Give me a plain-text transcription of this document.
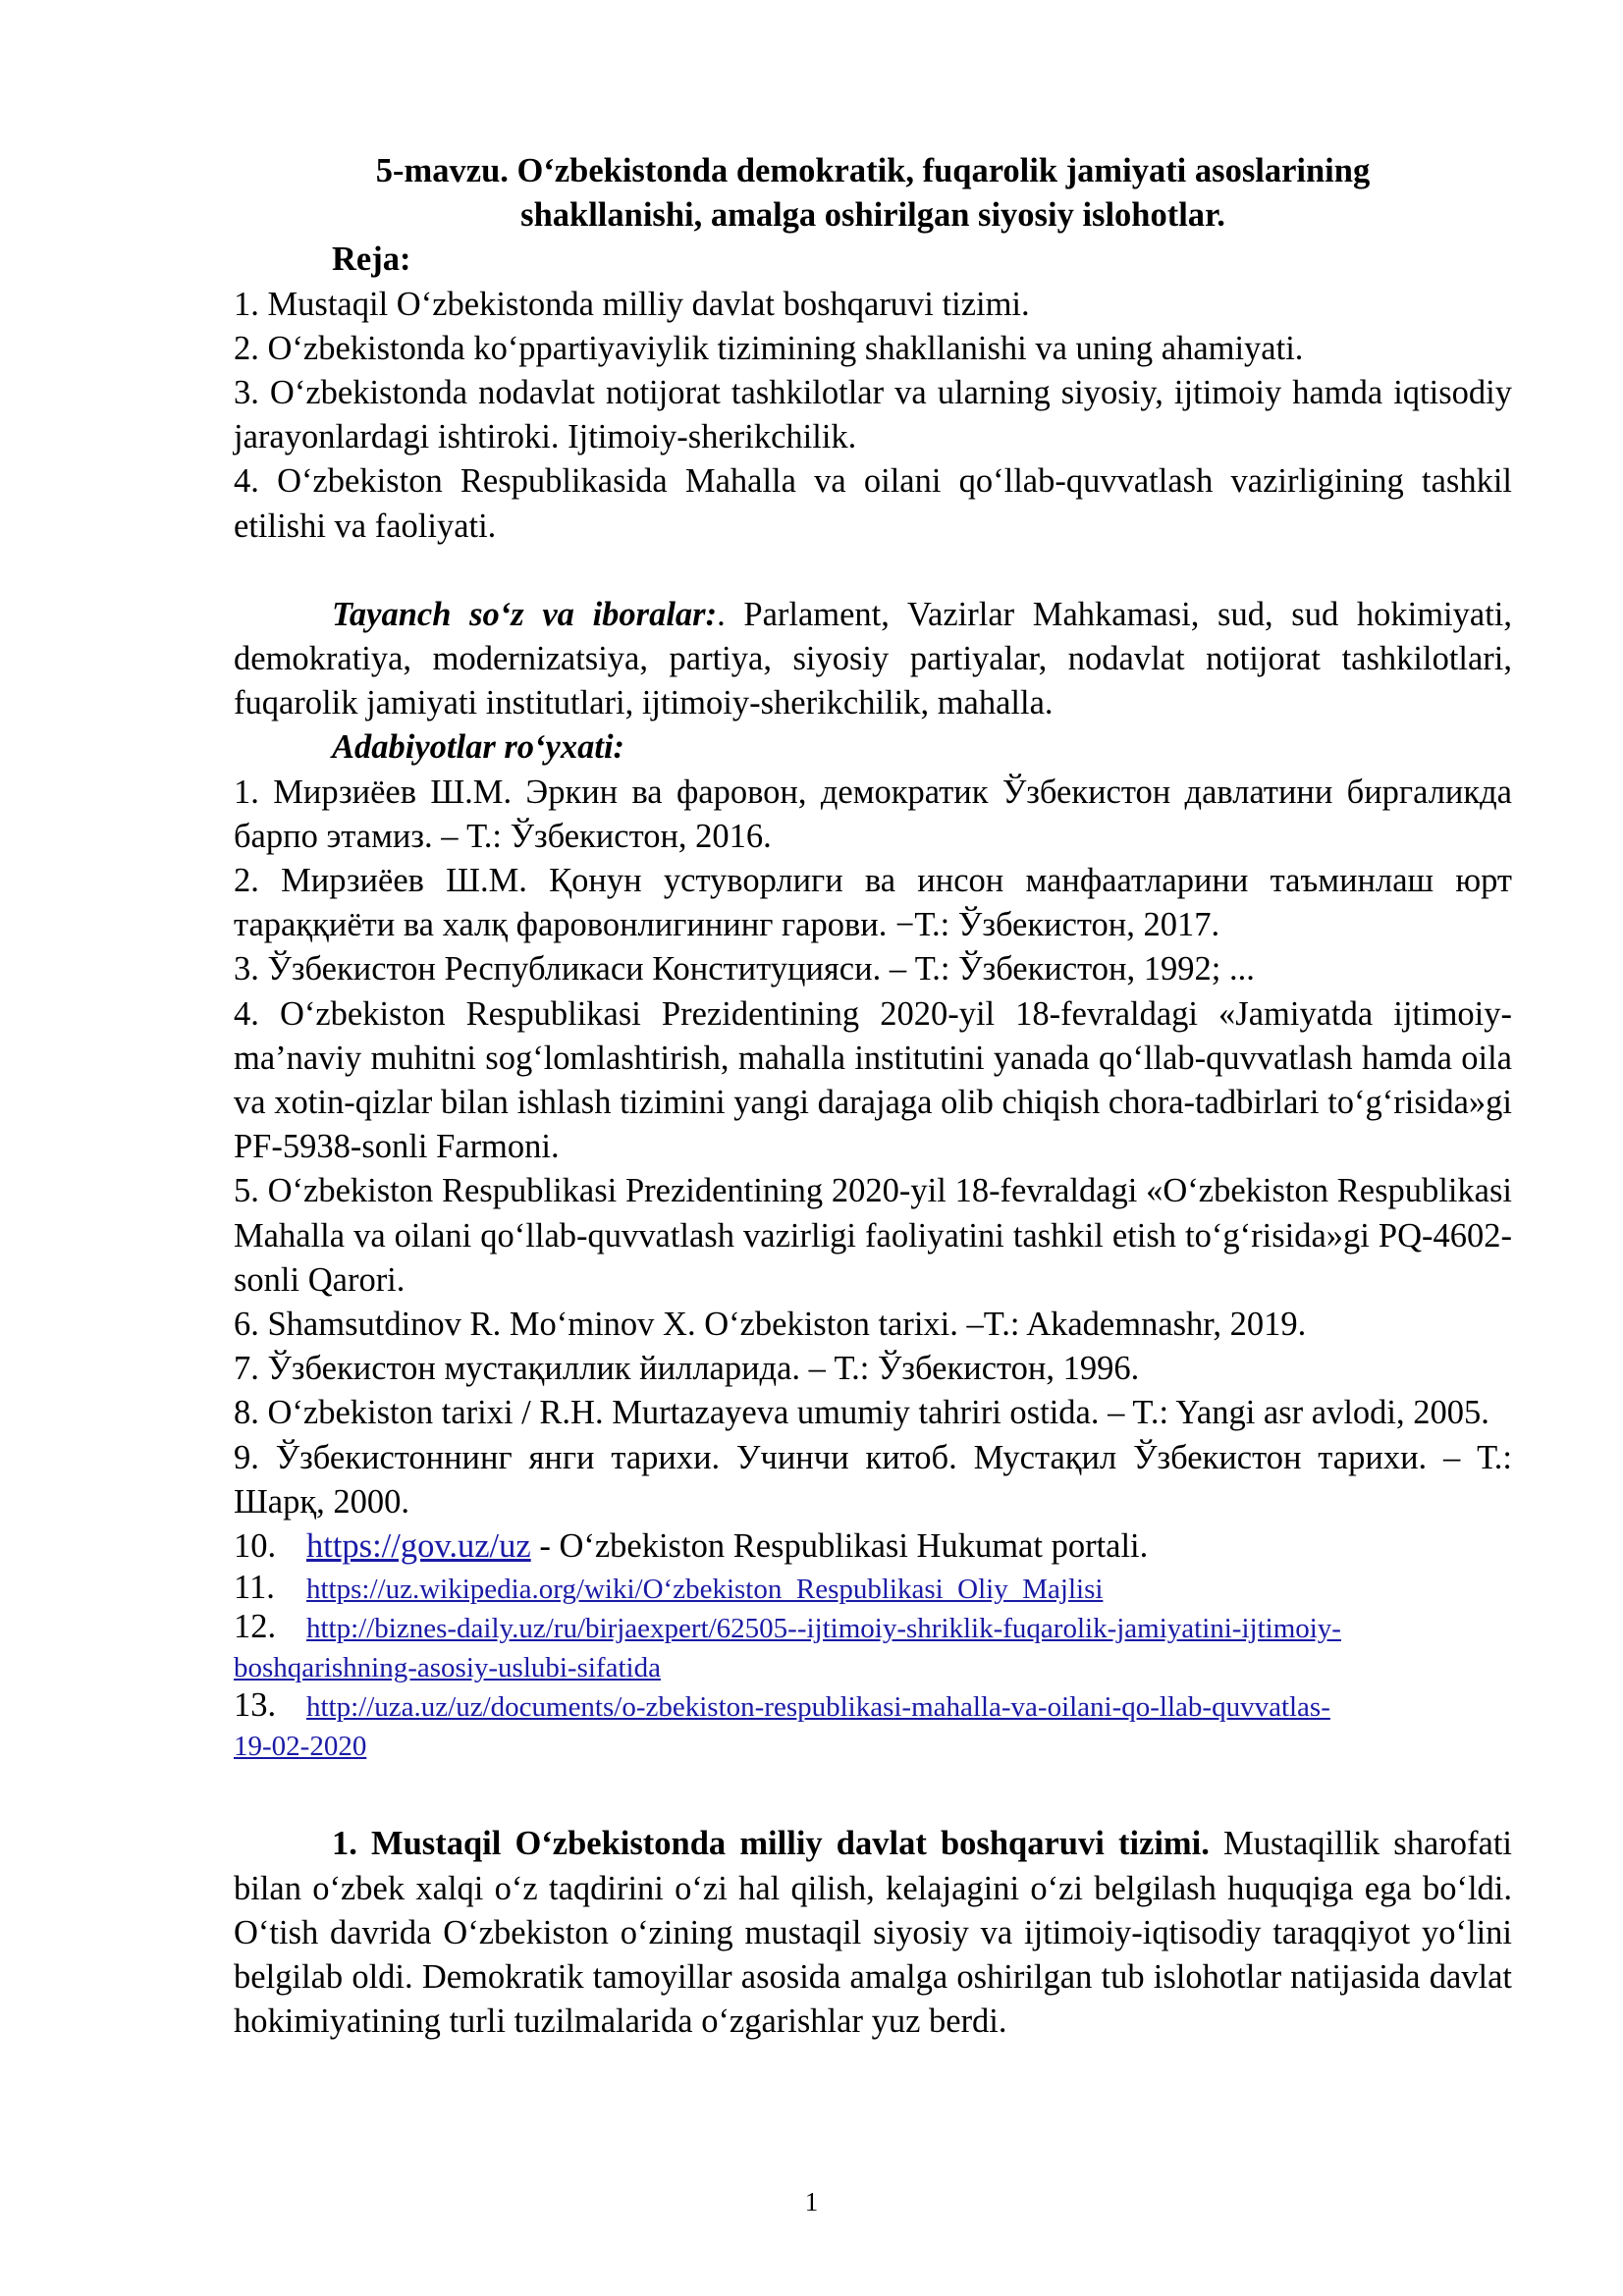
5-mavzu. O‘zbekistonda demokratik, fuqarolik jamiyati asoslarining
shakllanishi, amalga oshirilgan siyosiy islohotlar.

Reja:

1. Mustaqil O‘zbekistonda milliy davlat boshqaruvi tizimi.

2. O‘zbekistonda ko‘ppartiyaviylik tizimining shakllanishi va uning ahamiyati.

3. O‘zbekistonda nodavlat notijorat tashkilotlar va ularning siyosiy, ijtimoiy hamda iqtisodiy jarayonlardagi ishtiroki. Ijtimoiy-sherikchilik.

4. O‘zbekiston Respublikasida Mahalla va oilani qo‘llab-quvvatlash vazirligining tashkil etilishi va faoliyati.

Tayanch so‘z va iboralar:. Parlament, Vazirlar Mahkamasi, sud, sud hokimiyati, demokratiya, modernizatsiya, partiya, siyosiy partiyalar, nodavlat notijorat tashkilotlari, fuqarolik jamiyati institutlari, ijtimoiy-sherikchilik, mahalla.

Adabiyotlar ro‘yxati:

1. Мирзиёев Ш.М. Эркин ва фаровон, демократик Ўзбекистон давлатини биргаликда барпо этамиз. – Т.: Ўзбекистон, 2016.

2. Мирзиёев Ш.М. Қонун устуворлиги ва инсон манфаатларини таъминлаш юрт тараққиёти ва халқ фаровонлигининг гарови. −Т.: Ўзбекистон, 2017.

3. Ўзбекистон Республикаси Конституцияси. – Т.: Ўзбекистон, 1992; ...

4. O‘zbekiston Respublikasi Prezidentining 2020-yil 18-fevraldagi «Jamiyatda ijtimoiy-ma’naviy muhitni sog‘lomlashtirish, mahalla institutini yanada qo‘llab-quvvatlash hamda oila va xotin-qizlar bilan ishlash tizimini yangi darajaga olib chiqish chora-tadbirlari to‘g‘risida»gi PF-5938-sonli Farmoni.

5. O‘zbekiston Respublikasi Prezidentining 2020-yil 18-fevraldagi «O‘zbekiston Respublikasi Mahalla va oilani qo‘llab-quvvatlash vazirligi faoliyatini tashkil etish to‘g‘risida»gi PQ-4602-sonli Qarori.

6. Shamsutdinov R. Mo‘minov X. O‘zbekiston tarixi. –T.: Akademnashr, 2019.

7. Ўзбекистон мустақиллик йилларида. – Т.: Ўзбекистон, 1996.

8. O‘zbekiston tarixi / R.H. Murtazayeva umumiy tahriri ostida. – T.: Yangi asr avlodi, 2005.

9. Ўзбекистоннинг янги тарихи. Учинчи китоб. Мустақил Ўзбекистон тарихи. – Т.: Шарқ, 2000.

10. https://gov.uz/uz - O‘zbekiston Respublikasi Hukumat portali.

11. https://uz.wikipedia.org/wiki/O‘zbekiston_Respublikasi_Oliy_Majlisi

12. http://biznes-daily.uz/ru/birjaexpert/62505--ijtimoiy-shriklik-fuqarolik-jamiyatini-ijtimoiy-
boshqarishning-asosiy-uslubi-sifatida

13. http://uza.uz/uz/documents/o-zbekiston-respublikasi-mahalla-va-oilani-qo-llab-quvvatlas-
19-02-2020

1. Mustaqil O‘zbekistonda milliy davlat boshqaruvi tizimi. Mustaqillik sharofati bilan o‘zbek xalqi o‘z taqdirini o‘zi hal qilish, kelajagini o‘zi belgilash huquqiga ega bo‘ldi. O‘tish davrida O‘zbekiston o‘zining mustaqil siyosiy va ijtimoiy-iqtisodiy taraqqiyot yo‘lini belgilab oldi. Demokratik tamoyillar asosida amalga oshirilgan tub islohotlar natijasida davlat hokimiyatining turli tuzilmalarida o‘zgarishlar yuz berdi.

1
